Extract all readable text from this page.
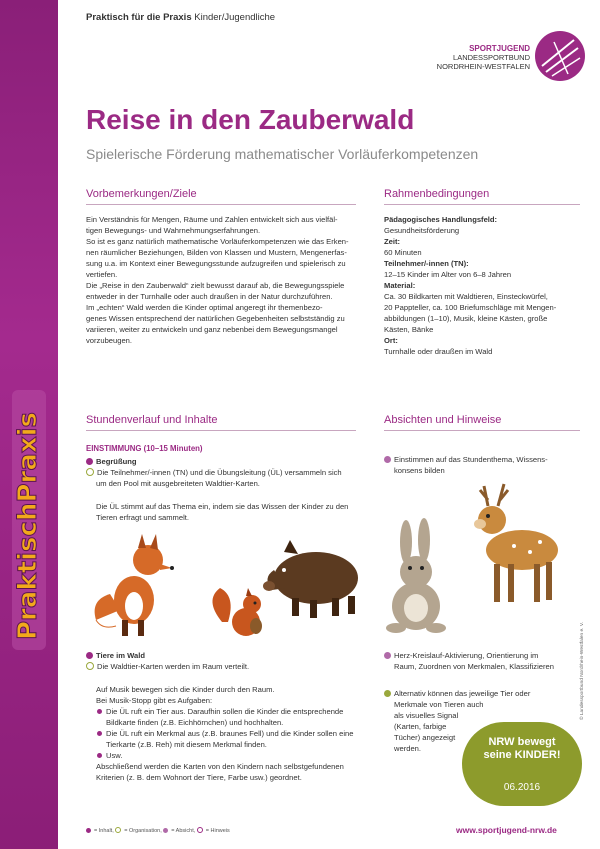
PraktischPraxis
Praktisch für die Praxis Kinder/Jugendliche
SPORTJUGEND
LANDESSPORTBUND
NORDRHEIN-WESTFALEN
Reise in den Zauberwald
Spielerische Förderung mathematischer Vorläuferkompetenzen
Vorbemerkungen/Ziele

Ein Verständnis für Mengen, Räume und Zahlen entwickelt sich aus vielfäl-

tigen Bewegungs- und Wahrnehmungserfahrungen.

So ist es ganz natürlich mathematische Vorläuferkompetenzen wie das Erken-

nen räumlicher Beziehungen, Bilden von Klassen und Mustern, Mengenerfas-

sung u.a. im Kontext einer Bewegungsstunde aufzugreifen und spielerisch zu

vertiefen.

Die „Reise in den Zauberwald“ zielt bewusst darauf ab, die Bewegungsspiele

entweder in der Turnhalle oder auch draußen in der Natur durchzuführen.

Im „echten“ Wald werden die Kinder optimal angeregt ihr themenbezo-

genes Wissen entsprechend der natürlichen Gegebenheiten selbstständig zu

variieren, weiter zu entwickeln und ganz nebenbei dem Bewegungsmangel

vorzubeugen.

Rahmenbedingungen

Pädagogisches Handlungsfeld:

Gesundheitsförderung

Zeit:

60 Minuten

Teilnehmer/-innen (TN):

12–15 Kinder im Alter von 6–8 Jahren

Material:

Ca. 30 Bildkarten mit Waldtieren, Einsteckwürfel,

20 Pappteller, ca. 100 Briefumschläge mit Mengen-

abbildungen (1–10), Musik, kleine Kästen, große

Kästen, Bänke

Ort:

Turnhalle oder draußen im Wald

Stundenverlauf und Inhalte
EINSTIMMUNG (10–15 Minuten)

Begrüßung

Die Teilnehmer/-innen (TN) und die Übungsleitung (ÜL) versammeln sich

um den Pool mit ausgebreiteten Waldtier-Karten.

Die ÜL stimmt auf das Thema ein, indem sie das Wissen der Kinder zu den

Tieren erfragt und sammelt.

Tiere im Wald

Die Waldtier-Karten werden im Raum verteilt.

Auf Musik bewegen sich die Kinder durch den Raum.

Bei Musik-Stopp gibt es Aufgaben:

Die ÜL ruft ein Tier aus. Daraufhin sollen die Kinder die entsprechende
Bildkarte finden (z.B. Eichhörnchen) und hochhalten.
Die ÜL ruft ein Merkmal aus (z.B. braunes Fell) und die Kinder sollen eine
Tierkarte (z.B. Reh) mit diesem Merkmal finden.
Usw.

Abschließend werden die Karten von den Kindern nach selbstgefundenen

Kriterien (z. B. dem Wohnort der Tiere, Farbe usw.) geordnet.

Absichten und Hinweise

Einstimmen auf das Stundenthema, Wissens-

konsens bilden

Herz-Kreislauf-Aktivierung, Orientierung im

Raum, Zuordnen von Merkmalen, Klassifizieren

Alternativ können das jeweilige Tier oder

Merkmale von Tieren auch

als visuelles Signal

(Karten, farbige

Tücher) angezeigt

werden.

NRW bewegt
seine KINDER!
06.2016
© Landessportbund Nordrhein-Westfalen e. V.
= Inhalt, = Organisation, = Absicht, = Hinweis	www.sportjugend-nrw.de
